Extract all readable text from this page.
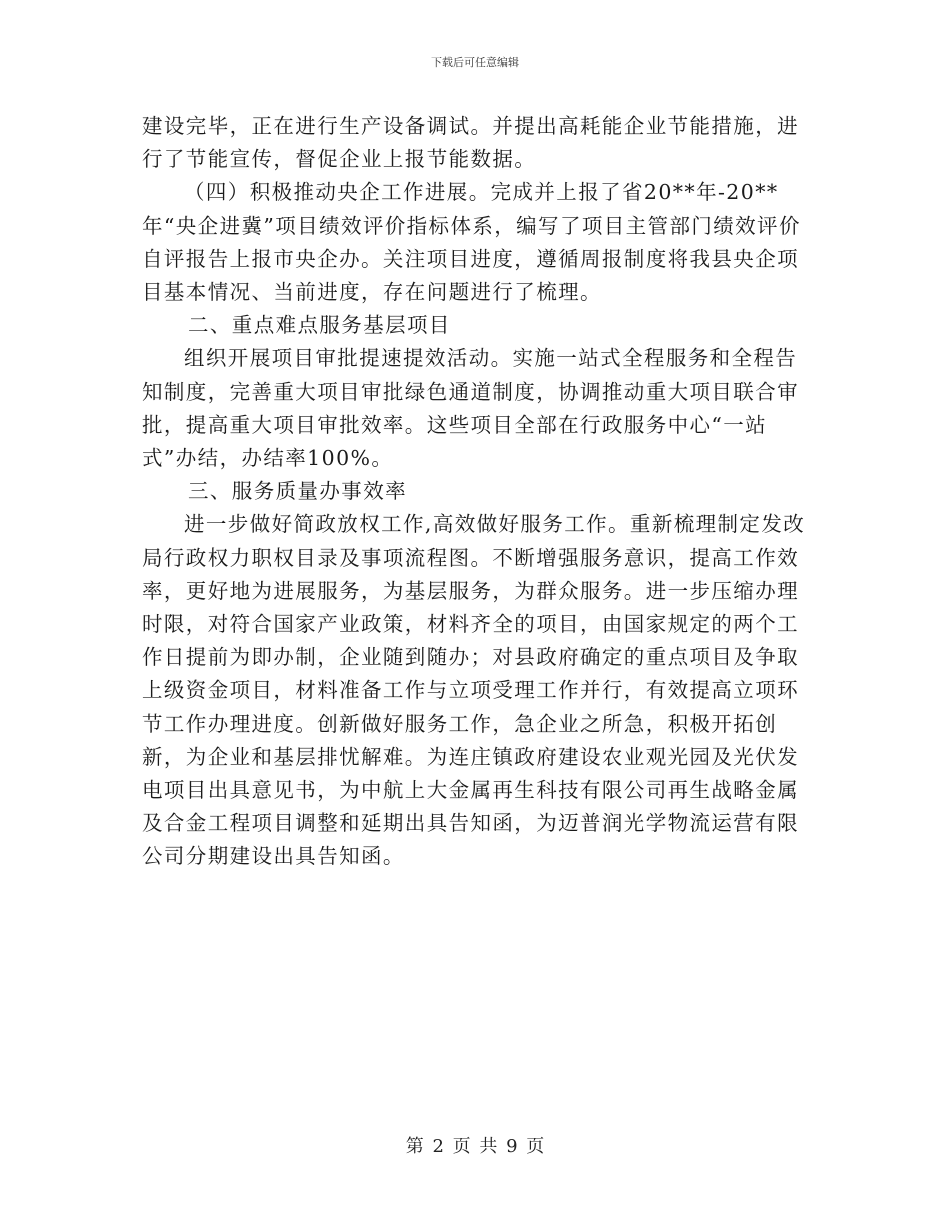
下载后可任意编辑

建设完毕，正在进行生产设备调试。并提出高耗能企业节能措施，进行了节能宣传，督促企业上报节能数据。

（四）积极推动央企工作进展。完成并上报了省20**年-20**年“央企进冀”项目绩效评价指标体系，编写了项目主管部门绩效评价自评报告上报市央企办。关注项目进度，遵循周报制度将我县央企项目基本情况、当前进度，存在问题进行了梳理。

二、重点难点服务基层项目

组织开展项目审批提速提效活动。实施一站式全程服务和全程告知制度，完善重大项目审批绿色通道制度，协调推动重大项目联合审批，提高重大项目审批效率。这些项目全部在行政服务中心“一站式”办结，办结率100%。

三、服务质量办事效率

进一步做好简政放权工作,高效做好服务工作。重新梳理制定发改局行政权力职权目录及事项流程图。不断增强服务意识，提高工作效率，更好地为进展服务，为基层服务，为群众服务。进一步压缩办理时限，对符合国家产业政策，材料齐全的项目，由国家规定的两个工作日提前为即办制，企业随到随办；对县政府确定的重点项目及争取上级资金项目，材料准备工作与立项受理工作并行，有效提高立项环节工作办理进度。创新做好服务工作，急企业之所急，积极开拓创新，为企业和基层排忧解难。为连庄镇政府建设农业观光园及光伏发电项目出具意见书，为中航上大金属再生科技有限公司再生战略金属及合金工程项目调整和延期出具告知函，为迈普润光学物流运营有限公司分期建设出具告知函。

第 2 页 共 9 页
